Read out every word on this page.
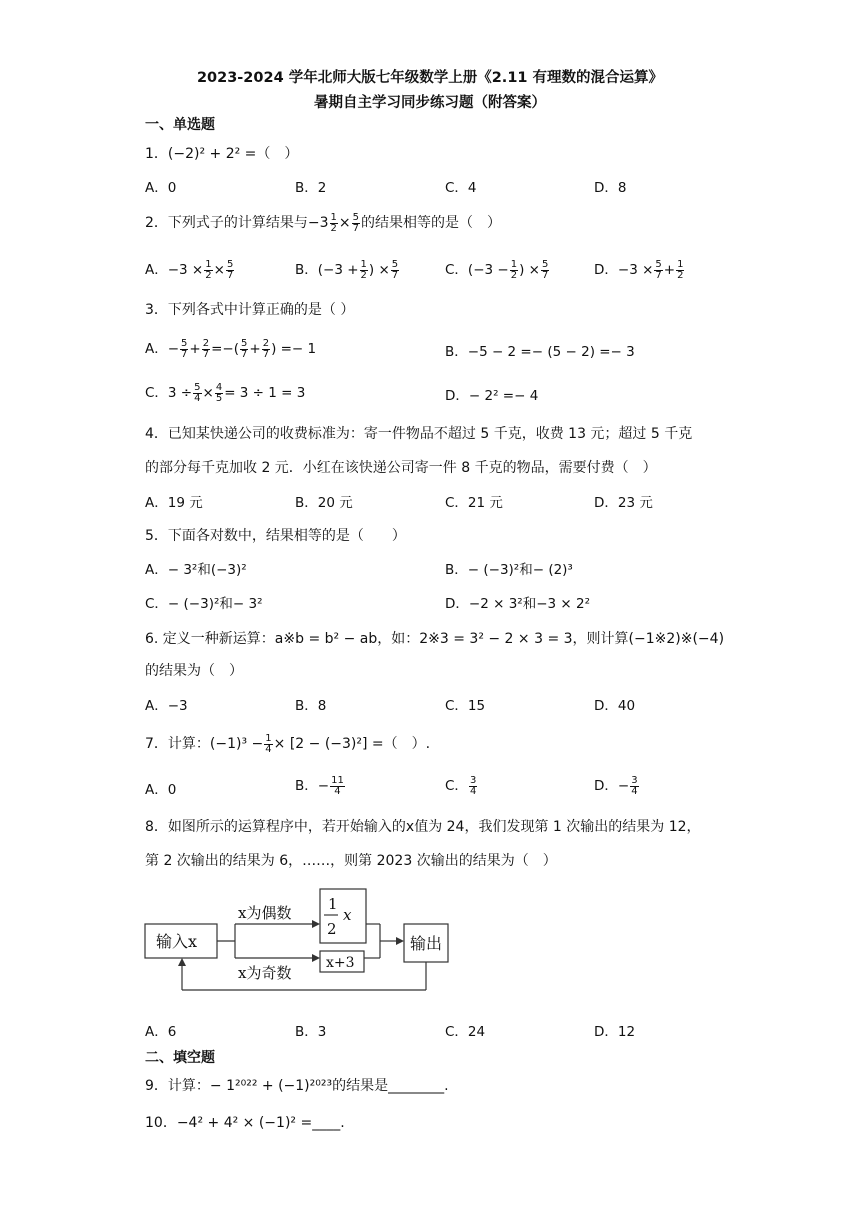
2023-2024 学年北师大版七年级数学上册《2.11 有理数的混合运算》
暑期自主学习同步练习题（附答案）
一、单选题
1．(−2)² + 2² =（　）
A．0	B．2	C．4	D．8
2．下列式子的计算结果与$-3 \frac{1}{2} \times \frac{5}{7}$ 的结果相等的是（　）
A．$-3 \times \frac{1}{2} \times \frac{5}{7}$	B．($-3 + \frac{1}{2}$ ) × $\frac{5}{7}$	C．($-3 - \frac{1}{2}$ ) × $\frac{5}{7}$	D．$-3 \times \frac{5}{7} + \frac{1}{2}$
3．下列各式中计算正确的是（ ）
A．− $\frac{5}{7} + \frac{2}{7}$ =−( $\frac{5}{7} + \frac{2}{7}$ ) =− 1	B．−5 − 2 =− (5 − 2) =− 3
C．$3 \div \frac{5}{4} \times \frac{4}{5} = 3 \div 1 = 3$	D．− 2² =− 4
4．已知某快递公司的收费标准为：寄一件物品不超过 5 千克，收费 13 元；超过 5 千克
的部分每千克加收 2 元．小红在该快递公司寄一件 8 千克的物品，需要付费（　）
A．19 元	B．20 元	C．21 元	D．23 元
5．下面各对数中，结果相等的是（　　）
A．− 3²和(−3)²	B．− (−3)²和− (2)³
C．− (−3)²和− 3²	D．−2 × 3²和−3 × 2²
6. 定义一种新运算：a※b = b² − ab，如：2※3 = 3² − 2 × 3 = 3，则计算(−1※2)※(−4)
的结果为（　）
A．−3	B．8	C．15	D．40
7．计算：$(-1)^3 - \frac{1}{4} \times [2 - (-3)^2]$ =（　）.
A．0	B．− $\frac{11}{4}$	C． $\frac{3}{4}$	D．− $\frac{3}{4}$
8．如图所示的运算程序中，若开始输入的x值为 24，我们发现第 1 次输出的结果为 12，
第 2 次输出的结果为 6，……，则第 2023 次输出的结果为（　）
输入x
x为偶数
x为奇数
1
2
x
x+3
输出
A．6	B．3	C．24	D．12
二、填空题
9．计算：− 1²⁰²² + (−1)²⁰²³的结果是________.
10．−4² + 4² × (−1)² =____.
